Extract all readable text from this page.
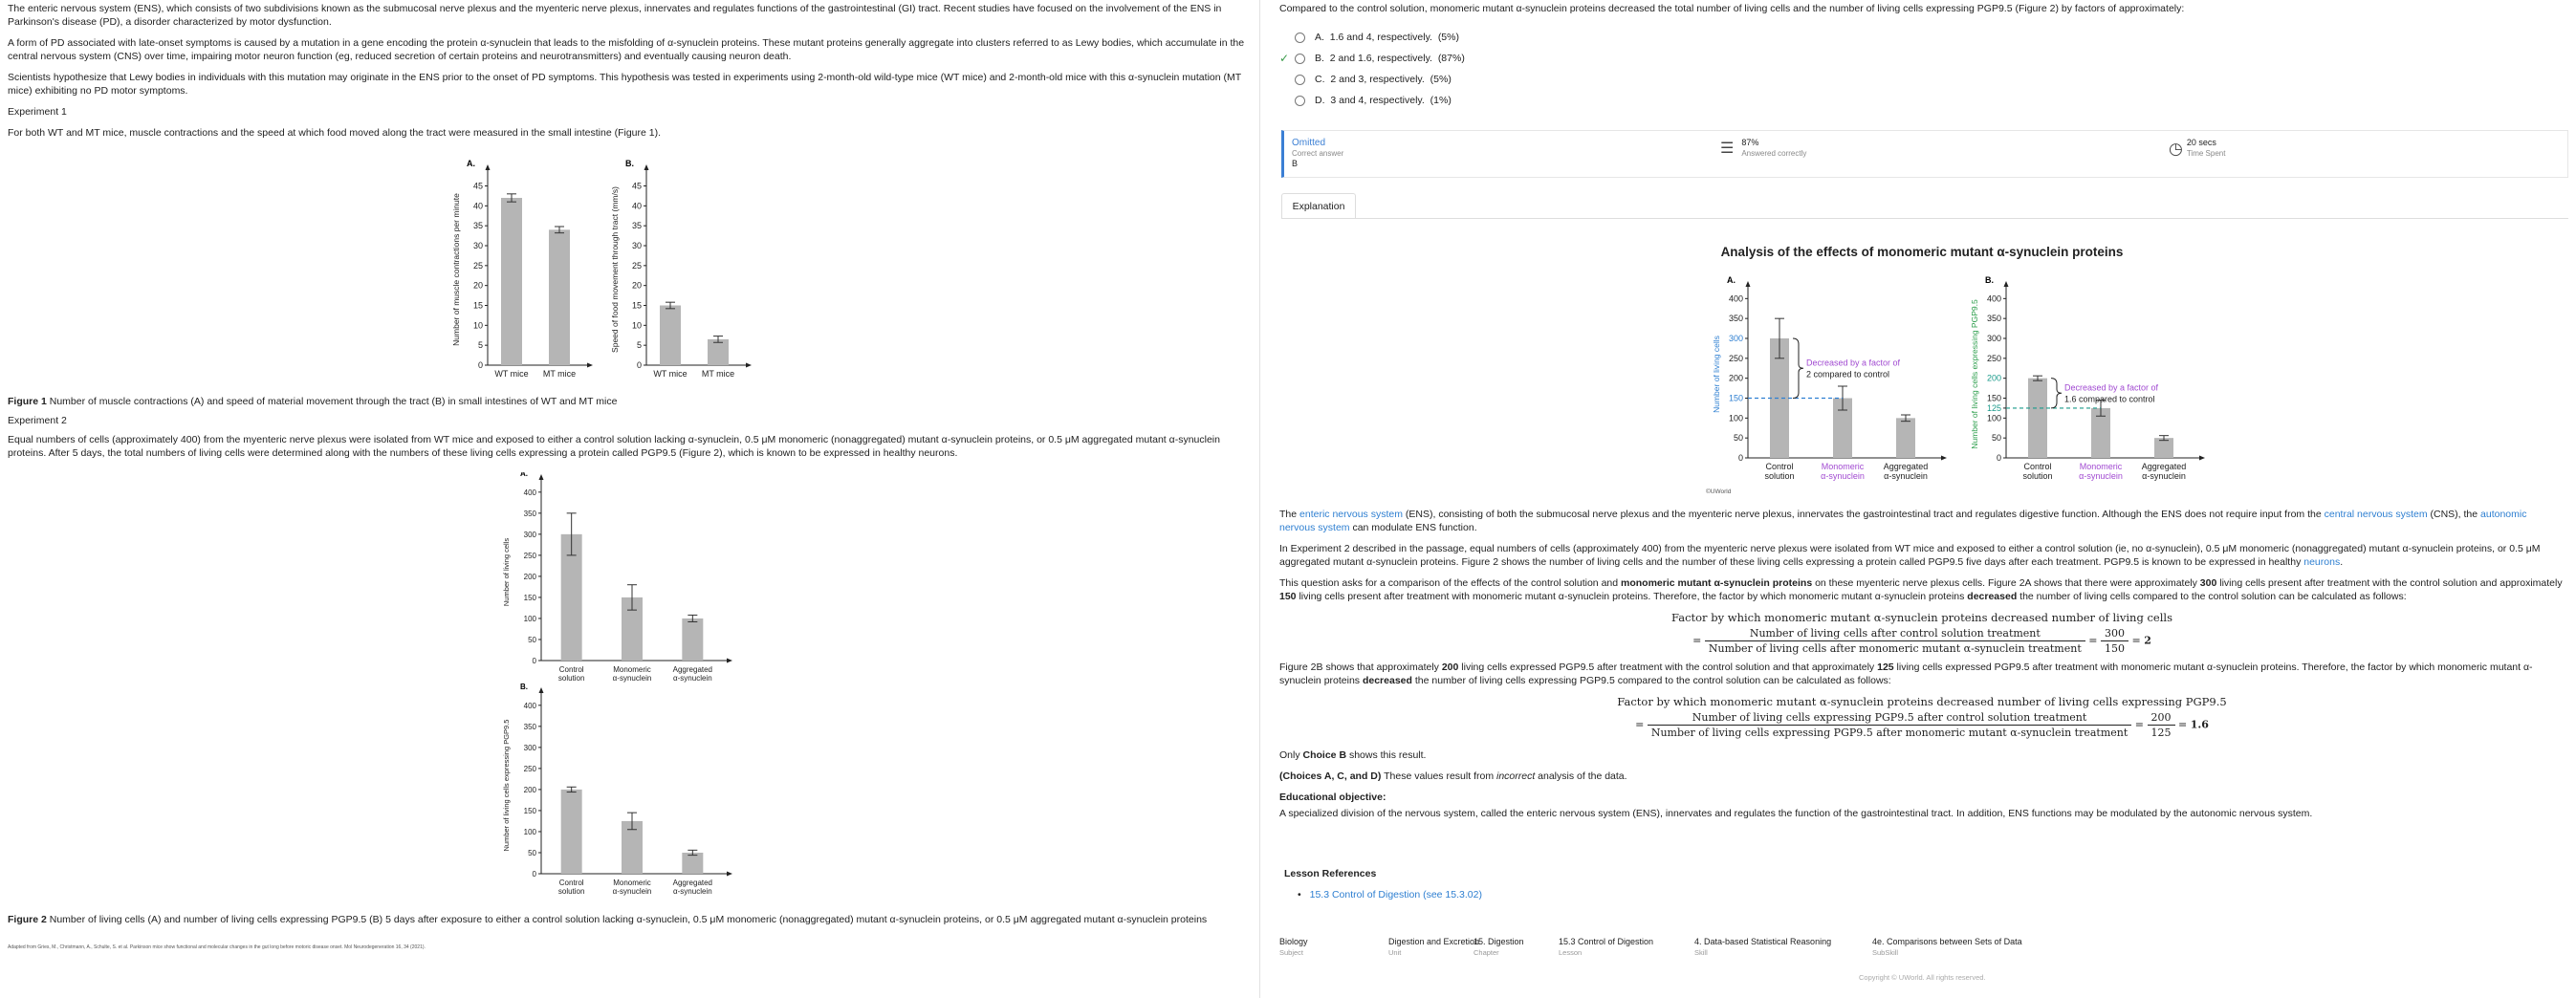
The enteric nervous system (ENS), which consists of two subdivisions known as the submucosal nerve plexus and the myenteric nerve plexus, innervates and regulates functions of the gastrointestinal (GI) tract. Recent studies have focused on the involvement of the ENS in Parkinson's disease (PD), a disorder characterized by motor dysfunction.

A form of PD associated with late-onset symptoms is caused by a mutation in a gene encoding the protein α-synuclein that leads to the misfolding of α-synuclein proteins. These mutant proteins generally aggregate into clusters referred to as Lewy bodies, which accumulate in the central nervous system (CNS) over time, impairing motor neuron function (eg, reduced secretion of certain proteins and neurotransmitters) and eventually causing neuron death.

Scientists hypothesize that Lewy bodies in individuals with this mutation may originate in the ENS prior to the onset of PD symptoms. This hypothesis was tested in experiments using 2-month-old wild-type mice (WT mice) and 2-month-old mice with this α-synuclein mutation (MT mice) exhibiting no PD motor symptoms.

Experiment 1

For both WT and MT mice, muscle contractions and the speed at which food moved along the tract were measured in the small intestine (Figure 1).

A.
0
5
10
15
20
25
30
35
40
45
Number of muscle contractions per minute
WT mice MT mice
B.
0
5
10
15
20
25
30
35
40
45
Speed of food movement through tract (mm/s)
WT mice MT mice

Figure 1 Number of muscle contractions (A) and speed of material movement through the tract (B) in small intestines of WT and MT mice

Experiment 2

Equal numbers of cells (approximately 400) from the myenteric nerve plexus were isolated from WT mice and exposed to either a control solution lacking α-synuclein, 0.5 μM monomeric (nonaggregated) mutant α-synuclein proteins, or 0.5 μM aggregated mutant α-synuclein proteins. After 5 days, the total numbers of living cells were determined along with the numbers of these living cells expressing a protein called PGP9.5 (Figure 2), which is known to be expressed in healthy neurons.

A.
0
50
100
150
200
250
300
350
400
Number of living cells
Control
solution
Monomeric
α-synuclein
Aggregated
α-synuclein
B.
0
50
100
150
200
250
300
350
400
Number of living cells expressing PGP9.5
Control
solution
Monomeric
α-synuclein
Aggregated
α-synuclein

Figure 2 Number of living cells (A) and number of living cells expressing PGP9.5 (B) 5 days after exposure to either a control solution lacking α-synuclein, 0.5 μM monomeric (nonaggregated) mutant α-synuclein proteins, or 0.5 μM aggregated mutant α-synuclein proteins

Adapted from Gries, M., Christmann, A., Schulte, S. et al. Parkinson mice show functional and molecular changes in the gut long before motoric disease onset. Mol Neurodegeneration 16, 34 (2021).

Compared to the control solution, monomeric mutant α-synuclein proteins decreased the total number of living cells and the number of living cells expressing PGP9.5 (Figure 2) by factors of approximately:

A.
1.6 and 4, respectively.
(5%)
✓	B.
2 and 1.6, respectively.
(87%)
C.
2 and 3, respectively.
(5%)
D.
3 and 4, respectively.
(1%)
Omitted
Correct answer
B
☰ 87%
Answered correctly	◷ 20 secs
Time Spent
Explanation
Analysis of the effects of monomeric mutant α-synuclein proteins
A.
0
50
100
150
200
250
300
350
400
Number of living cells
Control
solution
Monomeric
α-synuclein
Aggregated
α-synuclein
B.
0
50
100
125
150
200
250
300
350
400
Number of living cells expressing PGP9.5
Control
solution
Monomeric
α-synuclein
Aggregated
α-synuclein
Decreased by a factor of
2 compared to control
Decreased by a factor of
1.6 compared to control
©UWorld

The enteric nervous system (ENS), consisting of both the submucosal nerve plexus and the myenteric nerve plexus, innervates the gastrointestinal tract and regulates digestive function. Although the ENS does not require input from the central nervous system (CNS), the autonomic nervous system can modulate ENS function.

In Experiment 2 described in the passage, equal numbers of cells (approximately 400) from the myenteric nerve plexus were isolated from WT mice and exposed to either a control solution (ie, no α-synuclein), 0.5 μM monomeric (nonaggregated) mutant α-synuclein proteins, or 0.5 μM aggregated mutant α-synuclein proteins. Figure 2 shows the number of living cells and the number of these living cells expressing a protein called PGP9.5 five days after each treatment. PGP9.5 is known to be expressed in healthy neurons.

This question asks for a comparison of the effects of the control solution and monomeric mutant α-synuclein proteins on these myenteric nerve plexus cells. Figure 2A shows that there were approximately 300 living cells present after treatment with the control solution and approximately 150 living cells present after treatment with monomeric mutant α-synuclein proteins. Therefore, the factor by which monomeric mutant α-synuclein proteins decreased the number of living cells compared to the control solution can be calculated as follows:

Factor by which monomeric mutant α-synuclein proteins decreased number of living cells
=
Number of living cells after control solution treatment
Number of living cells after monomeric mutant α-synuclein treatment
= $\frac{300}{150} = 2$

Figure 2B shows that approximately 200 living cells expressed PGP9.5 after treatment with the control solution and that approximately 125 living cells expressed PGP9.5 after treatment with monomeric mutant α-synuclein proteins. Therefore, the factor by which monomeric mutant α-synuclein proteins decreased the number of living cells expressing PGP9.5 compared to the control solution can be calculated as follows:

Factor by which monomeric mutant α-synuclein proteins decreased number of living cells expressing PGP9.5
=
Number of living cells expressing PGP9.5 after control solution treatment
Number of living cells expressing PGP9.5 after monomeric mutant α-synuclein treatment
= $\frac{200}{125} = 1.6$

Only Choice B shows this result.

(Choices A, C, and D) These values result from incorrect analysis of the data.

Educational objective:

A specialized division of the nervous system, called the enteric nervous system (ENS), innervates and regulates the function of the gastrointestinal tract. In addition, ENS functions may be modulated by the autonomic nervous system.

Lesson References
• 15.3 Control of Digestion (see 15.3.02)
Biology
Subject
Digestion and Excretion
Unit
15. Digestion
Chapter
15.3 Control of Digestion
Lesson
4. Data-based Statistical Reasoning
Skill
4e. Comparisons between Sets of Data
SubSkill
Copyright © UWorld. All rights reserved.
